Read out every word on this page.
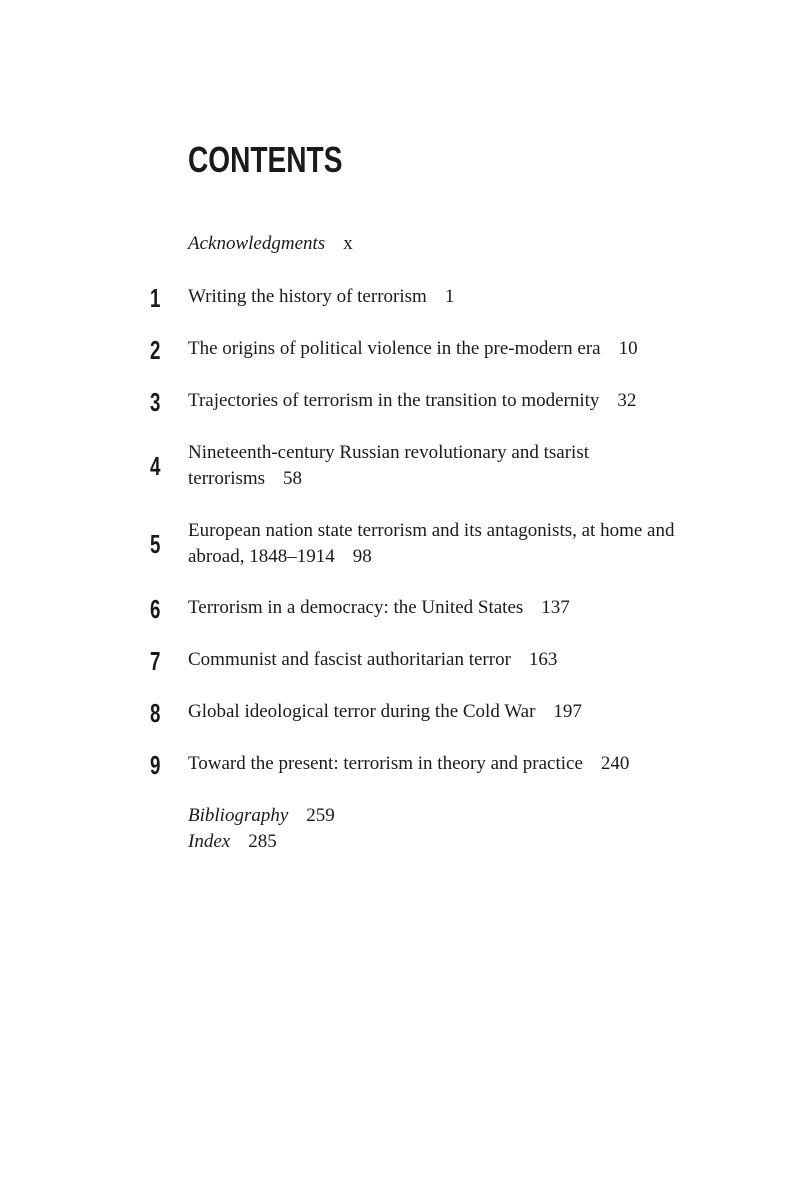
CONTENTS
Acknowledgments x
1 Writing the history of terrorism 1
2 The origins of political violence in the pre-modern era 10
3 Trajectories of terrorism in the transition to modernity 32
4 Nineteenth-century Russian revolutionary and tsarist terrorisms 58
5 European nation state terrorism and its antagonists, at home and abroad, 1848–1914 98
6 Terrorism in a democracy: the United States 137
7 Communist and fascist authoritarian terror 163
8 Global ideological terror during the Cold War 197
9 Toward the present: terrorism in theory and practice 240
Bibliography 259
Index 285
